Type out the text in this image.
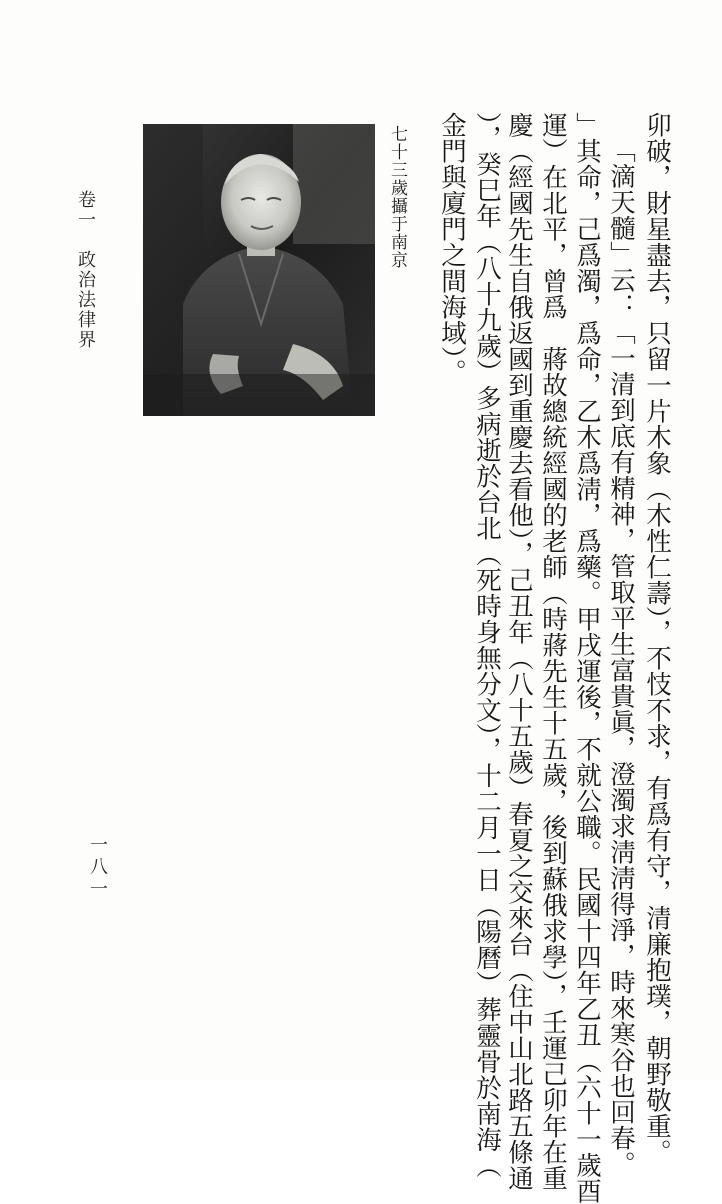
卯破，財星盡去，只留一片木象（木性仁壽），不忮不求，有爲有守，清廉抱璞，朝野敬重。
「滴天髓」云：「一清到底有精神，管取平生富貴眞，澄濁求淸淸得淨，時來寒谷也回春。
」其命，己爲濁，爲命，乙木爲淸，爲藥。甲戌運後，不就公職。民國十四年乙丑（六十一歲酉
運）在北平，曾爲　蔣故總統經國的老師（時蔣先生十五歲，後到蘇俄求學），壬運己卯年在重
慶（經國先生自俄返國到重慶去看他），己丑年（八十五歲）春夏之交來台（住中山北路五條通
），癸巳年（八十九歲）多病逝於台北（死時身無分文），十二月一日（陽曆）葬靈骨於南海（
金門與廈門之間海域）。
七十三歲攝于南京
卷一　政治法律界
一八一
